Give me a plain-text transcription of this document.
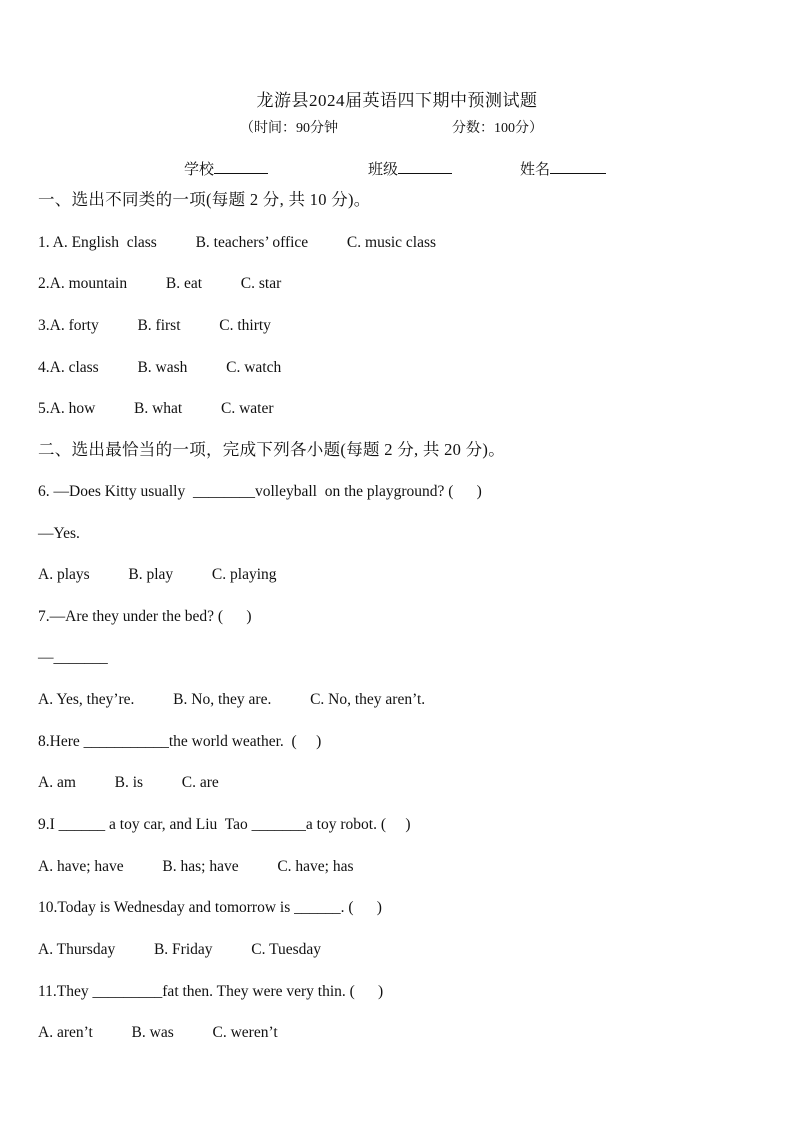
龙游县2024届英语四下期中预测试题
（时间：90分钟	分数：100分）
学校	班级	姓名
一、选出不同类的一项(每题 2 分, 共 10 分)。
1. A. English  class          B. teachers’ office          C. music class
2.A. mountain          B. eat          C. star
3.A. forty          B. first          C. thirty
4.A. class          B. wash          C. watch
5.A. how          B. what          C. water
二、选出最恰当的一项，完成下列各小题(每题 2 分, 共 20 分)。
6. —Does Kitty usually  ________volleyball  on the playground? (      )
—Yes.
A. plays          B. play          C. playing
7.—Are they under the bed? (      )
—_______
A. Yes, they’re.          B. No, they are.          C. No, they aren’t.
8.Here ___________the world weather.  (     )
A. am          B. is          C. are
9.I ______ a toy car, and Liu  Tao _______a toy robot. (     )
A. have; have          B. has; have          C. have; has
10.Today is Wednesday and tomorrow is ______. (      )
A. Thursday          B. Friday          C. Tuesday
11.They _________fat then. They were very thin. (      )
A. aren’t          B. was          C. weren’t
